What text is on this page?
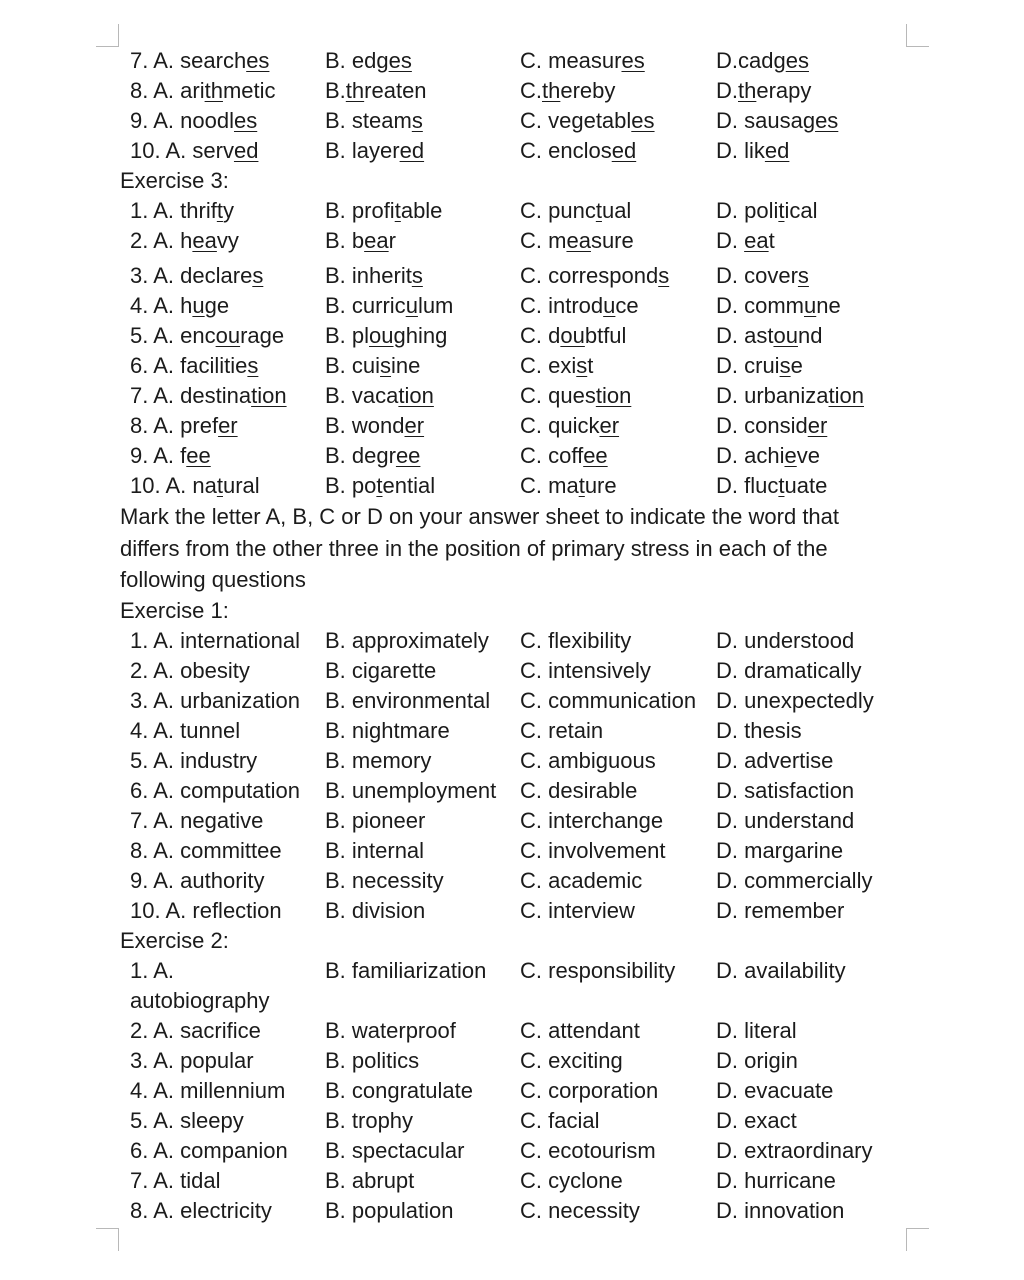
7. A. searches	B. edges	C. measures	D.cadges
8. A. arithmetic B.threaten	C.thereby	D.therapy
9. A. noodles	B. steams	C. vegetables	D. sausages
10. A. served	B. layered	C. enclosed	D. liked
Exercise 3:
1. A. thrifty	B. profitable	C. punctual	D. political
2. A. heavy	B. bear	C. measure	D. eat
3. A. declares	B. inherits	C. corresponds D. covers
4. A. huge	B. curriculum	C. introduce	D. commune
5. A. encourage B. ploughing	C. doubtful	D. astound
6. A. facilities	B. cuisine	C. exist	D. cruise
7. A. destination B. vacation	C. question	D. urbanization
8. A. prefer	B. wonder	C. quicker	D. consider
9. A. fee	B. degree	C. coffee	D. achieve
10. A. natural	B. potential	C. mature	D. fluctuate
Mark the letter A, B, C or D on your answer sheet to indicate the word that
differs from the other three in the position of primary stress in each of the
following questions
Exercise 1:
1. A. international B. approximately C. flexibility	D. understood
2. A. obesity	B. cigarette	C. intensively	D. dramatically
3. A. urbanization B. environmental C. communication D. unexpectedly
4. A. tunnel	B. nightmare	C. retain	D. thesis
5. A. industry	B. memory	C. ambiguous	D. advertise
6. A. computation B. unemployment C. desirable	D. satisfaction
7. A. negative	B. pioneer	C. interchange D. understand
8. A. committee B. internal	C. involvement D. margarine
9. A. authority	B. necessity	C. academic	D. commercially
10. A. reflection B. division	C. interview	D. remember
Exercise 2:
1. A. autobiography
B. familiarization C. responsibility D. availability
2. A. sacrifice	B. waterproof	C. attendant	D. literal
3. A. popular	B. politics	C. exciting	D. origin
4. A. millennium B. congratulate C. corporation	D. evacuate
5. A. sleepy	B. trophy	C. facial	D. exact
6. A. companion B. spectacular	C. ecotourism	D. extraordinary
7. A. tidal	B. abrupt	C. cyclone	D. hurricane
8. A. electricity B. population	C. necessity	D. innovation
